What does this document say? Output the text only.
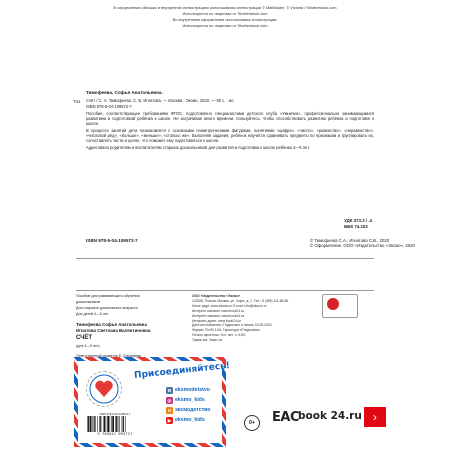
В оформлении обложки и внутренних иллюстрациях использованы иллюстрации © MatMaster, © Victoria / Shutterstock.com

Используются по лицензии от Shutterstock.com

Во внутреннем оформлении использованы иллюстрации:

Используются по лицензии от Shutterstock.com

Т41
Тимофеева, Софья Анатольевна.

Счёт / С. А. Тимофеева, С. В. Игнатова. — Москва : Эксмо, 2020. — 80 с. : ил.

ISBN 978-5-04-109572-7

Пособие, соответствующее требованиям ФГОС, подготовлено специалистами детского клуба «Умничка», профессионально занимающимися развитием и подготовкой ребёнка к школе. Не затрачивая много времени, пользуйтесь, чтобы способствовать развитию ребёнка и подготовке к школе.

В процессе занятий дети познакомятся с основными геометрическими фигурами, понятиями «цифра», «число», «равенство», «неравенство», «числовой ряд», «больше», «меньше», «столько же». Выполняя задания, ребёнок научится сравнивать предметы по признакам и группировать их, сопоставлять части и целое, что поможет ему подготовиться к школе.

Адресовано родителям и воспитателям старших дошкольников для развития и подготовки к школе ребёнка 4—5 лет.

УДК 373.3 / .4
ББК 74.102
ISBN 978-5-04-109572-7	© Тимофеева С.А., Игнатова С.В., 2020
© Оформление. ООО «Издательство «Эксмо», 2020

Пособие для развивающего обучения

дошкольников

Для старшего дошкольного возраста

Для детей 4—5 лет

Тимофеева Софья Анатольевна

Игнатова Светлана Валентиновна

СЧЁТ

(для 4—5 лет)

ООО «Издательство «Эксмо»

123308, Россия, Москва, ул. Зорге, д. 1. Тел.: 8 (495) 411-68-86.

Home page: www.eksmo.ru E-mail: info@eksmo.ru

Интернет-магазин: www.book24.ru

Интернет-магазин: www.book24.kz

Интернет-дүкен: www.book24.kz

Дата изготовления / Подписано в печать 03.08.2020.

Формат 70×90 1/16. Гарнитура «Pragmatica».

Печать офсетная. Усл. печ. л. 5,83.

Тираж экз. Заказ №

Присоединяйтесь!
В eksmodetstvo
◎ eksmo_kids
О эксмодетство
▶ eksmo_kids
ISBN 978-5-04-109572-7
9 785041 095727
0+	EAC book 24.ru ›
